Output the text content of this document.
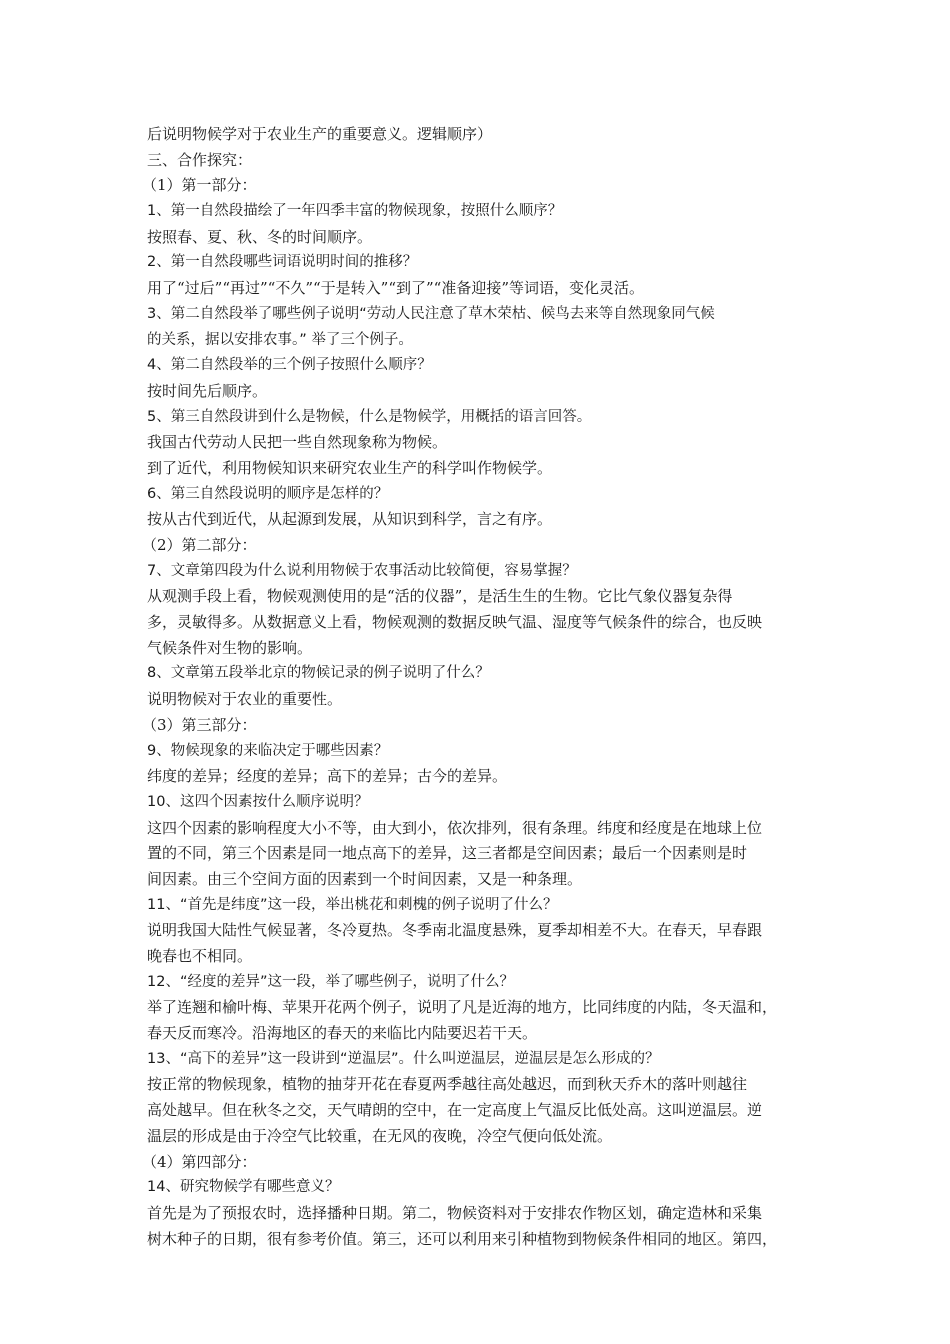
后说明物候学对于农业生产的重要意义。逻辑顺序）
三、合作探究：
（1）第一部分：
1、第一自然段描绘了一年四季丰富的物候现象，按照什么顺序？
按照春、夏、秋、冬的时间顺序。
2、第一自然段哪些词语说明时间的推移？
用了“过后”“再过”“不久”“于是转入”“到了”“准备迎接”等词语，变化灵活。
3、第二自然段举了哪些例子说明“劳动人民注意了草木荣枯、候鸟去来等自然现象同气候
的关系，据以安排农事。” 举了三个例子。
4、第二自然段举的三个例子按照什么顺序？
按时间先后顺序。
5、第三自然段讲到什么是物候，什么是物候学，用概括的语言回答。
我国古代劳动人民把一些自然现象称为物候。
到了近代，利用物候知识来研究农业生产的科学叫作物候学。
6、第三自然段说明的顺序是怎样的？
按从古代到近代，从起源到发展，从知识到科学，言之有序。
（2）第二部分：
7、文章第四段为什么说利用物候于农事活动比较简便，容易掌握？
从观测手段上看，物候观测使用的是“活的仪器”，是活生生的生物。它比气象仪器复杂得
多，灵敏得多。从数据意义上看，物候观测的数据反映气温、湿度等气候条件的综合，也反映
气候条件对生物的影响。
8、文章第五段举北京的物候记录的例子说明了什么？
说明物候对于农业的重要性。
（3）第三部分：
9、物候现象的来临决定于哪些因素？
纬度的差异；经度的差异；高下的差异；古今的差异。
10、这四个因素按什么顺序说明？
这四个因素的影响程度大小不等，由大到小，依次排列，很有条理。纬度和经度是在地球上位
置的不同，第三个因素是同一地点高下的差异，这三者都是空间因素；最后一个因素则是时
间因素。由三个空间方面的因素到一个时间因素，又是一种条理。
11、“首先是纬度”这一段，举出桃花和刺槐的例子说明了什么？
说明我国大陆性气候显著，冬冷夏热。冬季南北温度悬殊，夏季却相差不大。在春天，早春跟
晚春也不相同。
12、“经度的差异”这一段，举了哪些例子，说明了什么？
举了连翘和榆叶梅、苹果开花两个例子，说明了凡是近海的地方，比同纬度的内陆，冬天温和，
春天反而寒冷。沿海地区的春天的来临比内陆要迟若干天。
13、“高下的差异”这一段讲到“逆温层”。什么叫逆温层，逆温层是怎么形成的？
按正常的物候现象，植物的抽芽开花在春夏两季越往高处越迟，而到秋天乔木的落叶则越往
高处越早。但在秋冬之交，天气晴朗的空中，在一定高度上气温反比低处高。这叫逆温层。逆
温层的形成是由于冷空气比较重，在无风的夜晚，冷空气便向低处流。
（4）第四部分：
14、研究物候学有哪些意义？
首先是为了预报农时，选择播种日期。第二，物候资料对于安排农作物区划，确定造林和采集
树木种子的日期，很有参考价值。第三，还可以利用来引种植物到物候条件相同的地区。第四，
